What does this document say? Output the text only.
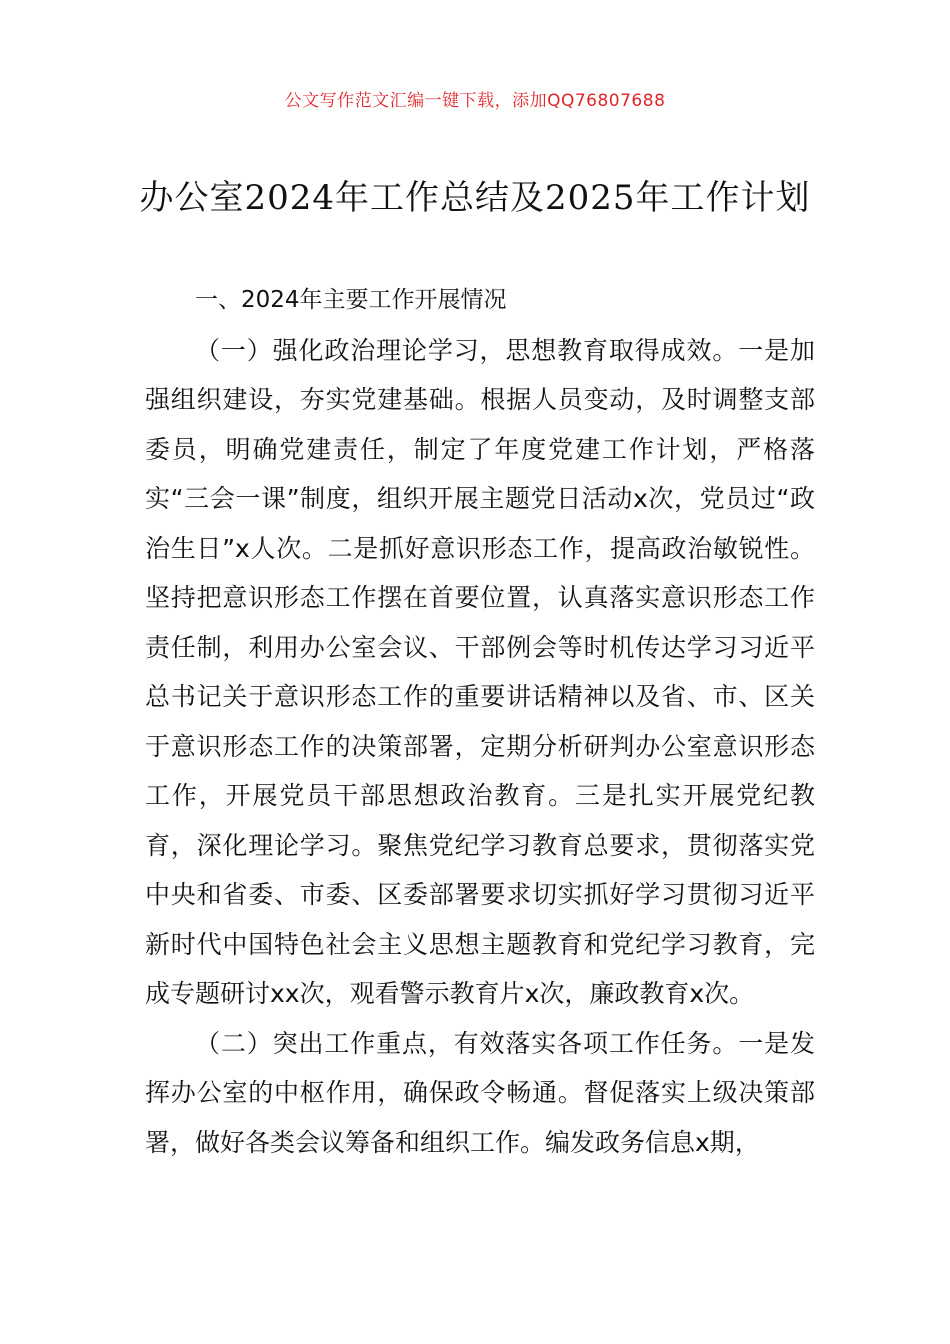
公文写作范文汇编一键下载，添加QQ76807688
办公室2024年工作总结及2025年工作计划

一、2024年主要工作开展情况

（一）强化政治理论学习，思想教育取得成效。一是加强组织建设，夯实党建基础。根据人员变动，及时调整支部委员，明确党建责任，制定了年度党建工作计划，严格落实“三会一课”制度，组织开展主题党日活动x次，党员过“政治生日”x人次。二是抓好意识形态工作，提高政治敏锐性。坚持把意识形态工作摆在首要位置，认真落实意识形态工作责任制，利用办公室会议、干部例会等时机传达学习习近平总书记关于意识形态工作的重要讲话精神以及省、市、区关于意识形态工作的决策部署，定期分析研判办公室意识形态工作，开展党员干部思想政治教育。三是扎实开展党纪教育，深化理论学习。聚焦党纪学习教育总要求，贯彻落实党中央和省委、市委、区委部署要求切实抓好学习贯彻习近平新时代中国特色社会主义思想主题教育和党纪学习教育，完成专题研讨xx次，观看警示教育片x次，廉政教育x次。

（二）突出工作重点，有效落实各项工作任务。一是发挥办公室的中枢作用，确保政令畅通。督促落实上级决策部署，做好各类会议筹备和组织工作。编发政务信息x期，
